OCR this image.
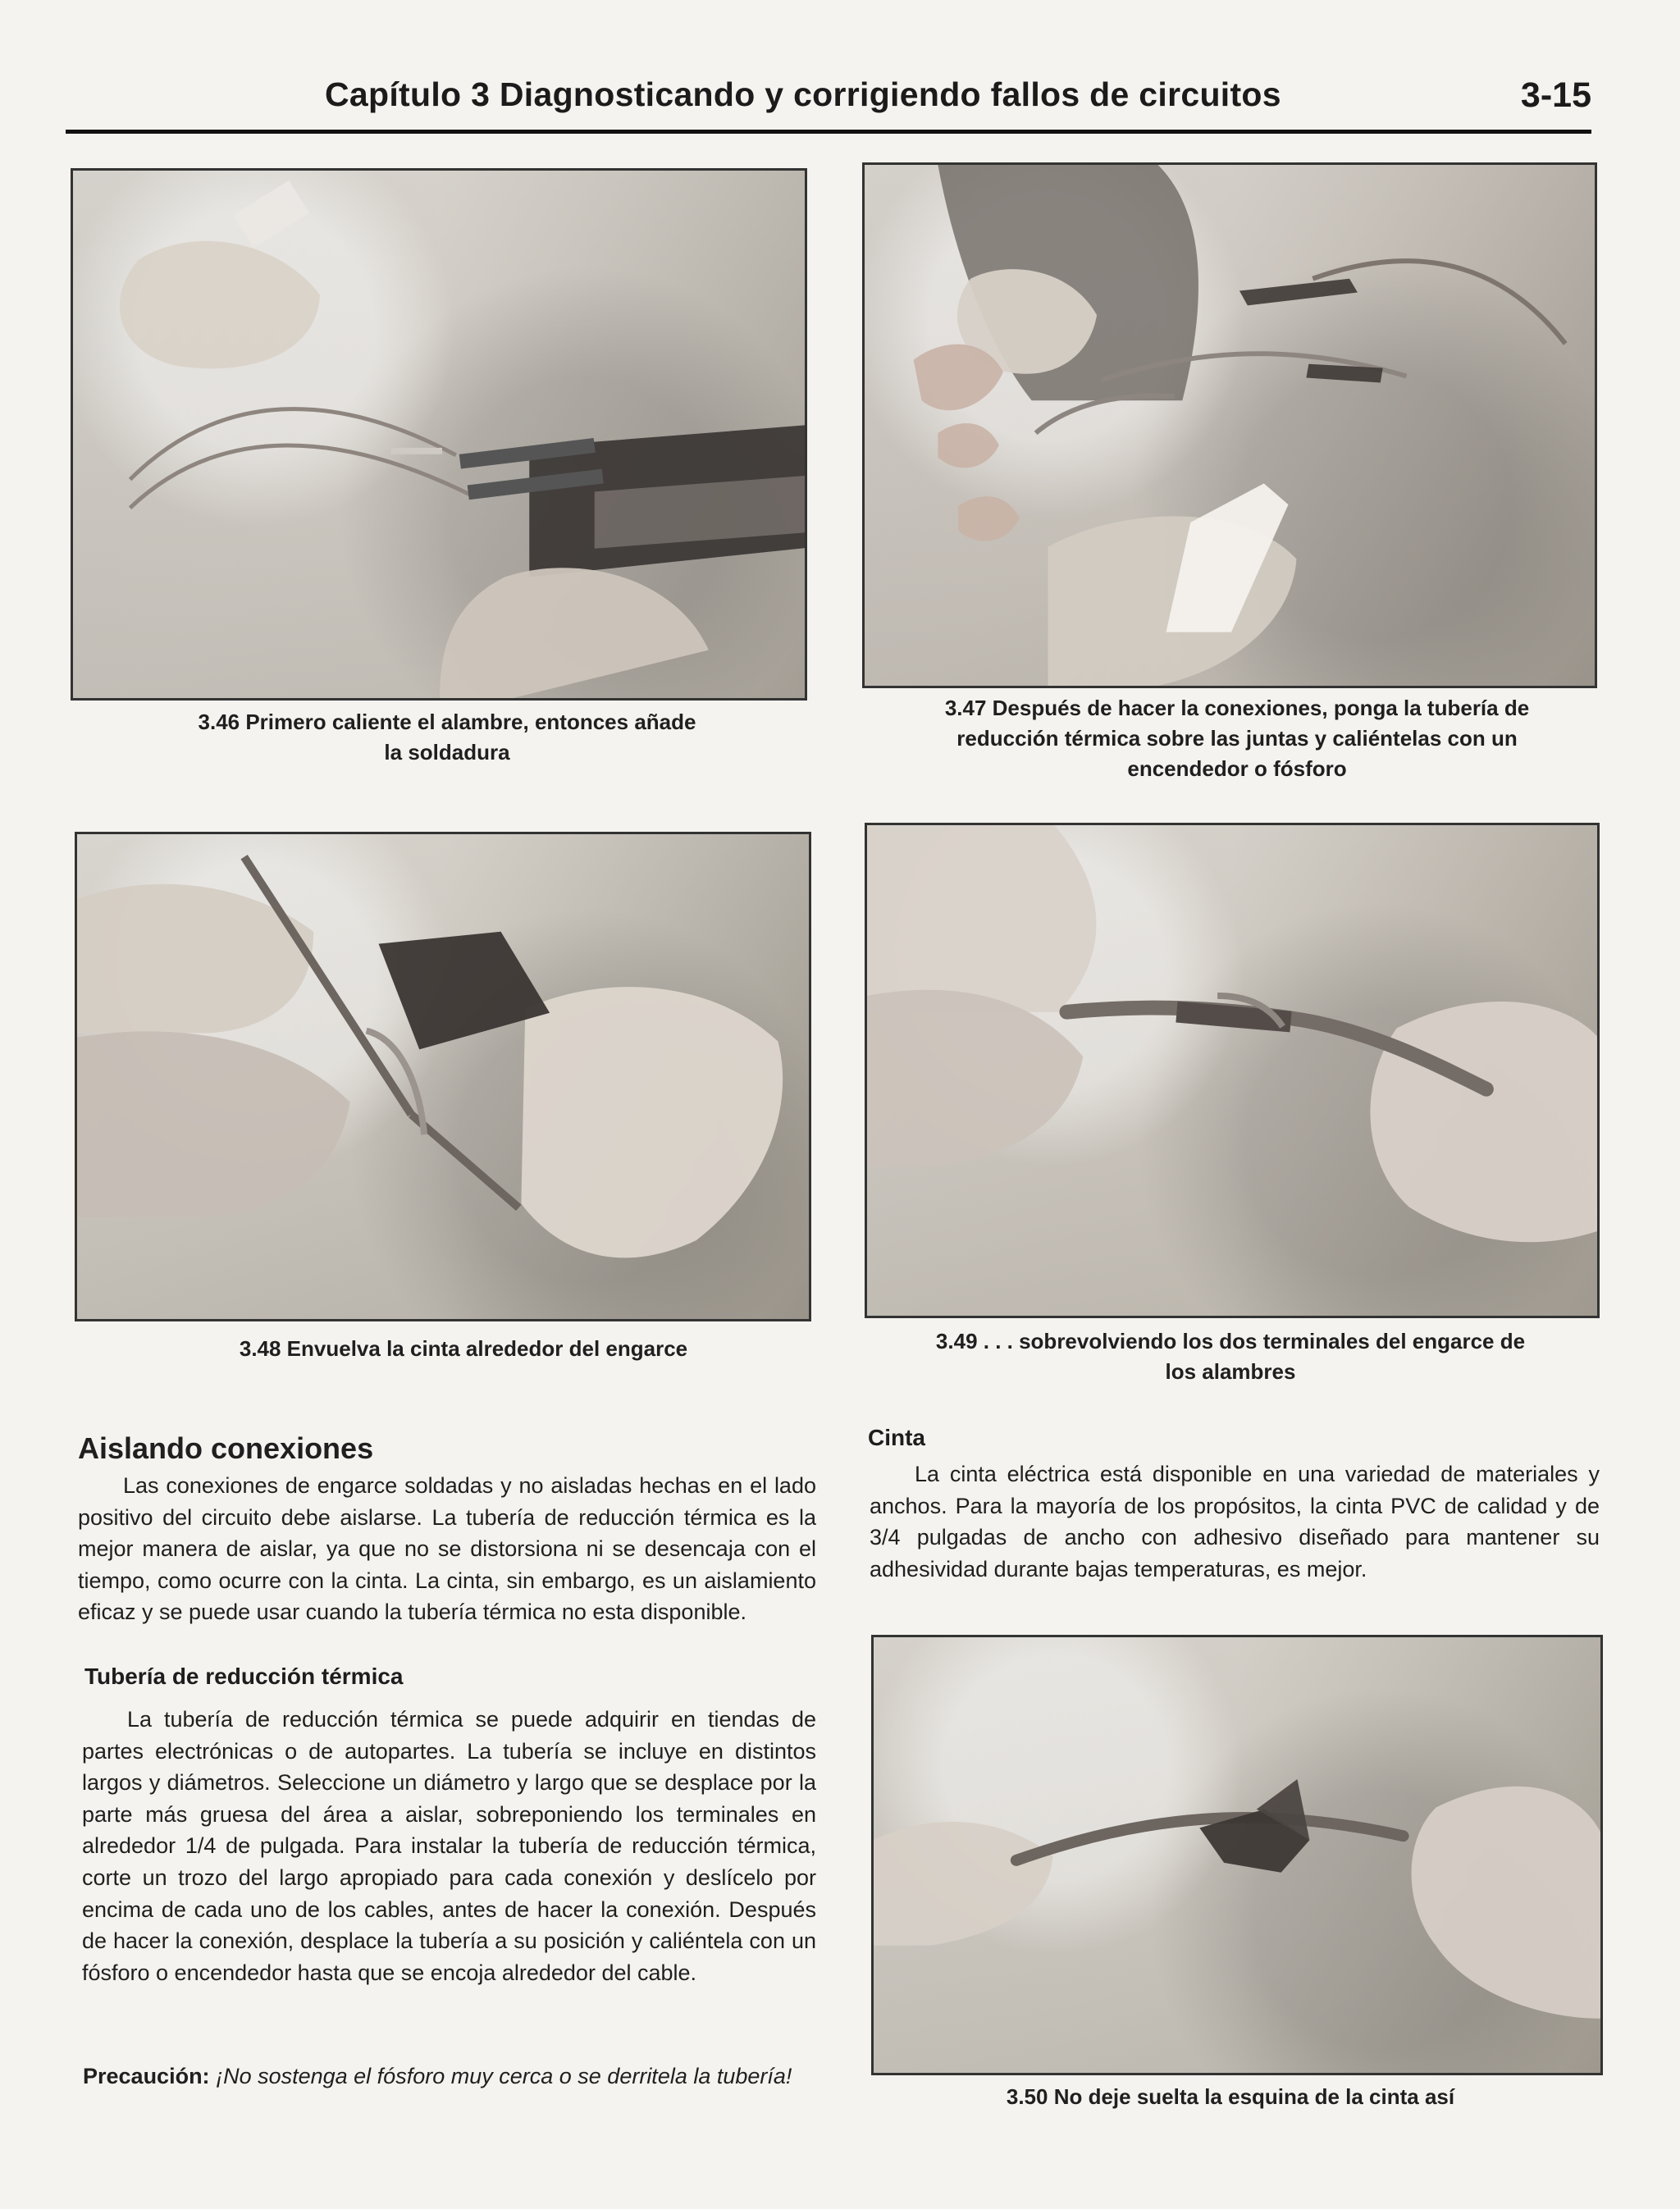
Capítulo 3 Diagnosticando y corrigiendo fallos de circuitos	3-15
3.46 Primero caliente el alambre, entonces añade
la soldadura
3.47 Después de hacer la conexiones, ponga la tubería de
reducción térmica sobre las juntas y caliéntelas con un
encendedor o fósforo
3.48 Envuelva la cinta alrededor del engarce	3.49 . . . sobrevolviendo los dos terminales del engarce de
los alambres
Aislando conexiones

Las conexiones de engarce soldadas y no aisladas hechas en el lado positivo del circuito debe aislarse. La tubería de reducción térmica es la mejor manera de aislar, ya que no se distorsiona ni se desencaja con el tiempo, como ocurre con la cinta. La cinta, sin embargo, es un aislamiento eficaz y se puede usar cuando la tubería térmica no esta disponible.

Tubería de reducción térmica

La tubería de reducción térmica se puede adquirir en tiendas de partes electrónicas o de autopartes. La tubería se incluye en distintos largos y diámetros. Seleccione un diámetro y largo que se desplace por la parte más gruesa del área a aislar, sobreponiendo los terminales en alrededor 1/4 de pulgada. Para instalar la tubería de reducción térmica, corte un trozo del largo apropiado para cada conexión y deslícelo por encima de cada uno de los cables, antes de hacer la conexión. Después de hacer la conexión, desplace la tubería a su posición y caliéntela con un fósforo o encendedor hasta que se encoja alrededor del cable.

Precaución: ¡No sostenga el fósforo muy cerca o se derritela la tubería!
Cinta

La cinta eléctrica está disponible en una variedad de materiales y anchos. Para la mayoría de los propósitos, la cinta PVC de calidad y de 3/4 pulgadas de ancho con adhesivo diseñado para mantener su adhesividad durante bajas temperaturas, es mejor.

3.50 No deje suelta la esquina de la cinta así
